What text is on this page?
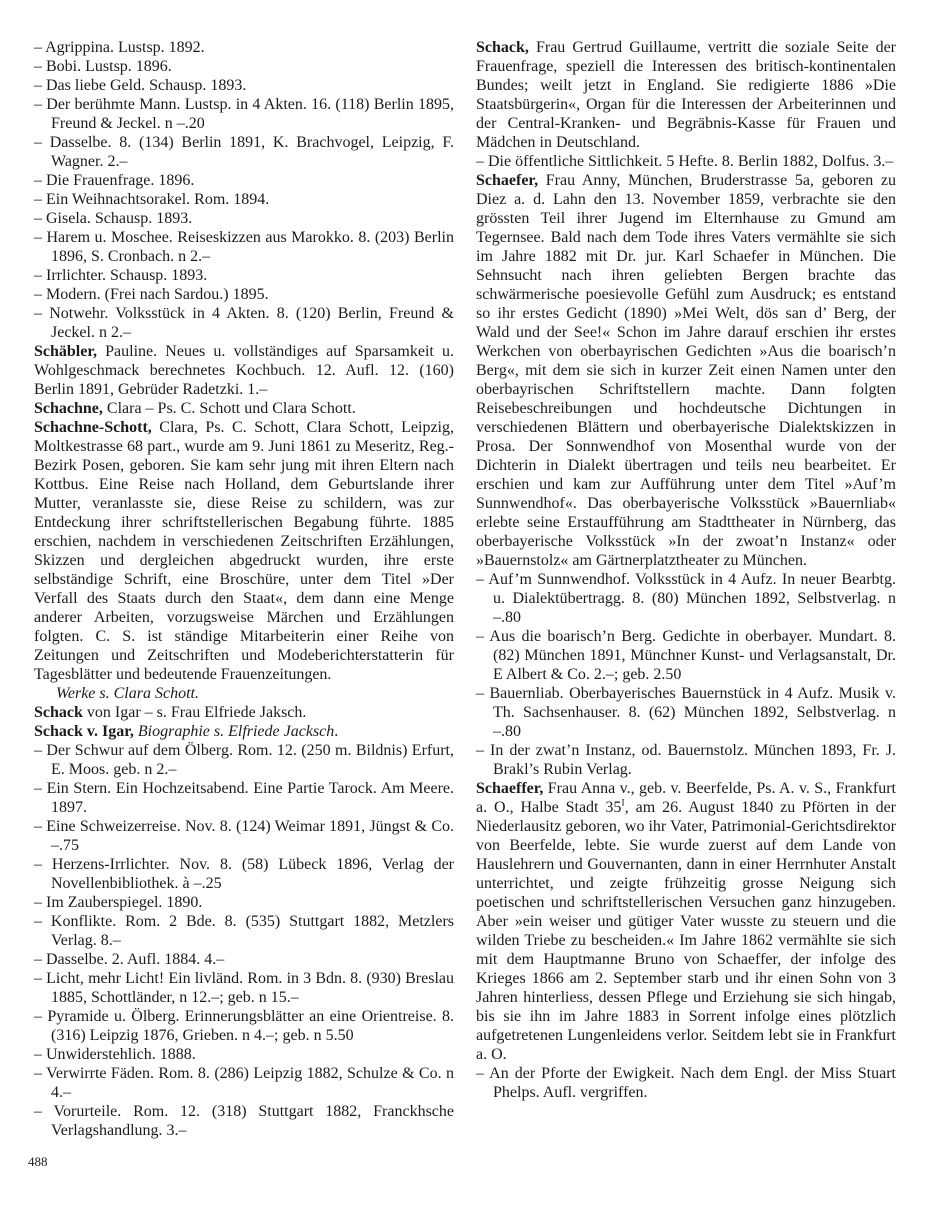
– Agrippina. Lustsp. 1892.

– Bobi. Lustsp. 1896.

– Das liebe Geld. Schausp. 1893.

– Der berühmte Mann. Lustsp. in 4 Akten. 16. (118) Berlin 1895, Freund & Jeckel. n –.20

– Dasselbe. 8. (134) Berlin 1891, K. Brachvogel, Leipzig, F. Wagner. 2.–

– Die Frauenfrage. 1896.

– Ein Weihnachtsorakel. Rom. 1894.

– Gisela. Schausp. 1893.

– Harem u. Moschee. Reiseskizzen aus Marokko. 8. (203) Berlin 1896, S. Cronbach. n 2.–

– Irrlichter. Schausp. 1893.

– Modern. (Frei nach Sardou.) 1895.

– Notwehr. Volksstück in 4 Akten. 8. (120) Berlin, Freund & Jeckel. n 2.–

Schäbler, Pauline. Neues u. vollständiges auf Sparsamkeit u. Wohlgeschmack berechnetes Kochbuch. 12. Aufl. 12. (160) Berlin 1891, Gebrüder Radetzki. 1.–

Schachne, Clara – Ps. C. Schott und Clara Schott.

Schachne-Schott, Clara, Ps. C. Schott, Clara Schott, Leipzig, Moltkestrasse 68 part., wurde am 9. Juni 1861 zu Meseritz, Reg.-Bezirk Posen, geboren. Sie kam sehr jung mit ihren Eltern nach Kottbus. Eine Reise nach Holland, dem Geburtslande ihrer Mutter, veranlasste sie, diese Reise zu schildern, was zur Entdeckung ihrer schriftstellerischen Begabung führte. 1885 erschien, nachdem in verschiedenen Zeitschriften Erzählungen, Skizzen und dergleichen abgedruckt wurden, ihre erste selbständige Schrift, eine Broschüre, unter dem Titel »Der Verfall des Staats durch den Staat«, dem dann eine Menge anderer Arbeiten, vorzugsweise Märchen und Erzählungen folgten. C. S. ist ständige Mitarbeiterin einer Reihe von Zeitungen und Zeitschriften und Modeberichterstatterin für Tagesblätter und bedeutende Frauenzeitungen.

Werke s. Clara Schott.

Schack von Igar – s. Frau Elfriede Jaksch.

Schack v. Igar, Biographie s. Elfriede Jacksch.

– Der Schwur auf dem Ölberg. Rom. 12. (250 m. Bildnis) Erfurt, E. Moos. geb. n 2.–

– Ein Stern. Ein Hochzeitsabend. Eine Partie Tarock. Am Meere. 1897.

– Eine Schweizerreise. Nov. 8. (124) Weimar 1891, Jüngst & Co. –.75

– Herzens-Irrlichter. Nov. 8. (58) Lübeck 1896, Verlag der Novellenbibliothek. à –.25

– Im Zauberspiegel. 1890.

– Konflikte. Rom. 2 Bde. 8. (535) Stuttgart 1882, Metzlers Verlag. 8.–

– Dasselbe. 2. Aufl. 1884. 4.–

– Licht, mehr Licht! Ein livländ. Rom. in 3 Bdn. 8. (930) Breslau 1885, Schottländer, n 12.–; geb. n 15.–

– Pyramide u. Ölberg. Erinnerungsblätter an eine Orientreise. 8. (316) Leipzig 1876, Grieben. n 4.–; geb. n 5.50

– Unwiderstehlich. 1888.

– Verwirrte Fäden. Rom. 8. (286) Leipzig 1882, Schulze & Co. n 4.–

– Vorurteile. Rom. 12. (318) Stuttgart 1882, Franckhsche Verlagshandlung. 3.–

Schack, Frau Gertrud Guillaume, vertritt die soziale Seite der Frauenfrage, speziell die Interessen des britisch-kontinentalen Bundes; weilt jetzt in England. Sie redigierte 1886 »Die Staatsbürgerin«, Organ für die Interessen der Arbeiterinnen und der Central-Kranken- und Begräbnis-Kasse für Frauen und Mädchen in Deutschland.

– Die öffentliche Sittlichkeit. 5 Hefte. 8. Berlin 1882, Dolfus. 3.–

Schaefer, Frau Anny, München, Bruderstrasse 5a, geboren zu Diez a. d. Lahn den 13. November 1859, verbrachte sie den grössten Teil ihrer Jugend im Elternhause zu Gmund am Tegernsee. Bald nach dem Tode ihres Vaters vermählte sie sich im Jahre 1882 mit Dr. jur. Karl Schaefer in München. Die Sehnsucht nach ihren geliebten Bergen brachte das schwärmerische poesievolle Gefühl zum Ausdruck; es entstand so ihr erstes Gedicht (1890) »Mei Welt, dös san d’ Berg, der Wald und der See!« Schon im Jahre darauf erschien ihr erstes Werkchen von oberbayrischen Gedichten »Aus die boarisch’n Berg«, mit dem sie sich in kurzer Zeit einen Namen unter den oberbayrischen Schriftstellern machte. Dann folgten Reisebeschreibungen und hochdeutsche Dichtungen in verschiedenen Blättern und oberbayerische Dialektskizzen in Prosa. Der Sonnwendhof von Mosenthal wurde von der Dichterin in Dialekt übertragen und teils neu bearbeitet. Er erschien und kam zur Aufführung unter dem Titel »Auf’m Sunnwendhof«. Das oberbayerische Volksstück »Bauernliab« erlebte seine Erstaufführung am Stadttheater in Nürnberg, das oberbayerische Volksstück »In der zwoat’n Instanz« oder »Bauernstolz« am Gärtnerplatztheater zu München.

– Auf’m Sunnwendhof. Volksstück in 4 Aufz. In neuer Bearbtg. u. Dialektübertragg. 8. (80) München 1892, Selbstverlag. n –.80

– Aus die boarisch’n Berg. Gedichte in oberbayer. Mundart. 8. (82) München 1891, Münchner Kunst- und Verlagsanstalt, Dr. E Albert & Co. 2.–; geb. 2.50

– Bauernliab. Oberbayerisches Bauernstück in 4 Aufz. Musik v. Th. Sachsenhauser. 8. (62) München 1892, Selbstverlag. n –.80

– In der zwat’n Instanz, od. Bauernstolz. München 1893, Fr. J. Brakl’s Rubin Verlag.

Schaeffer, Frau Anna v., geb. v. Beerfelde, Ps. A. v. S., Frankfurt a. O., Halbe Stadt $35^I$, am 26. August 1840 zu Pförten in der Niederlausitz geboren, wo ihr Vater, Patrimonial-Gerichtsdirektor von Beerfelde, lebte. Sie wurde zuerst auf dem Lande von Hauslehrern und Gouvernanten, dann in einer Herrnhuter Anstalt unterrichtet, und zeigte frühzeitig grosse Neigung sich poetischen und schriftstellerischen Versuchen ganz hinzugeben. Aber »ein weiser und gütiger Vater wusste zu steuern und die wilden Triebe zu bescheiden.« Im Jahre 1862 vermählte sie sich mit dem Hauptmanne Bruno von Schaeffer, der infolge des Krieges 1866 am 2. September starb und ihr einen Sohn von 3 Jahren hinterliess, dessen Pflege und Erziehung sie sich hingab, bis sie ihn im Jahre 1883 in Sorrent infolge eines plötzlich aufgetretenen Lungenleidens verlor. Seitdem lebt sie in Frankfurt a. O.

– An der Pforte der Ewigkeit. Nach dem Engl. der Miss Stuart Phelps. Aufl. vergriffen.

488
